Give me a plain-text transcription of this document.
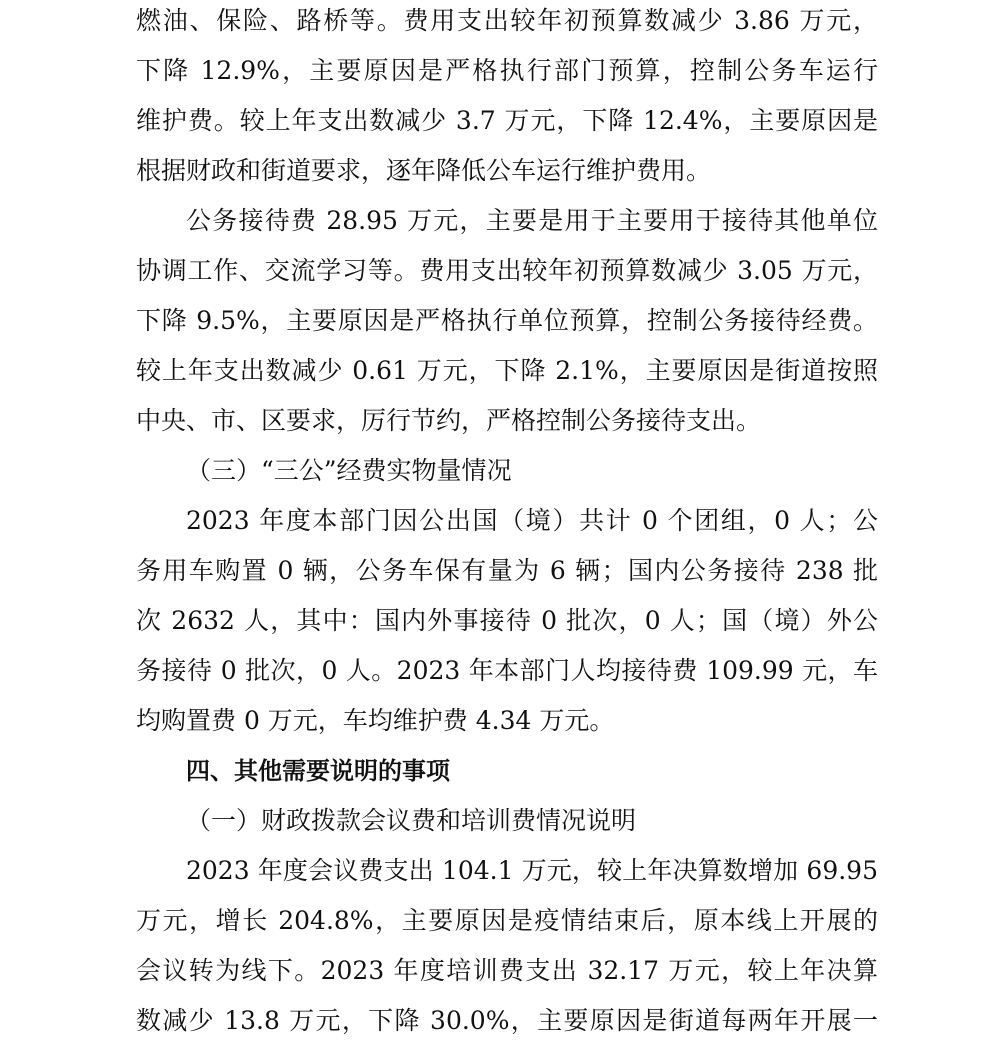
燃油、保险、路桥等。费用支出较年初预算数减少 3.86 万元，
下降 12.9%，主要原因是严格执行部门预算，控制公务车运行
维护费。较上年支出数减少 3.7 万元，下降 12.4%，主要原因是
根据财政和街道要求，逐年降低公车运行维护费用。
公务接待费 28.95 万元，主要是用于主要用于接待其他单位
协调工作、交流学习等。费用支出较年初预算数减少 3.05 万元，
下降 9.5%，主要原因是严格执行单位预算，控制公务接待经费。
较上年支出数减少 0.61 万元，下降 2.1%，主要原因是街道按照
中央、市、区要求，厉行节约，严格控制公务接待支出。
（三）“三公”经费实物量情况
2023 年度本部门因公出国（境）共计 0 个团组，0 人；公
务用车购置 0 辆，公务车保有量为 6 辆；国内公务接待 238 批
次 2632 人，其中：国内外事接待 0 批次，0 人；国（境）外公
务接待 0 批次，0 人。2023 年本部门人均接待费 109.99 元，车
均购置费 0 万元，车均维护费 4.34 万元。
四、其他需要说明的事项
（一）财政拨款会议费和培训费情况说明
2023 年度会议费支出 104.1 万元，较上年决算数增加 69.95
万元，增长 204.8%，主要原因是疫情结束后，原本线上开展的
会议转为线下。2023 年度培训费支出 32.17 万元，较上年决算
数减少 13.8 万元，下降 30.0%，主要原因是街道每两年开展一
